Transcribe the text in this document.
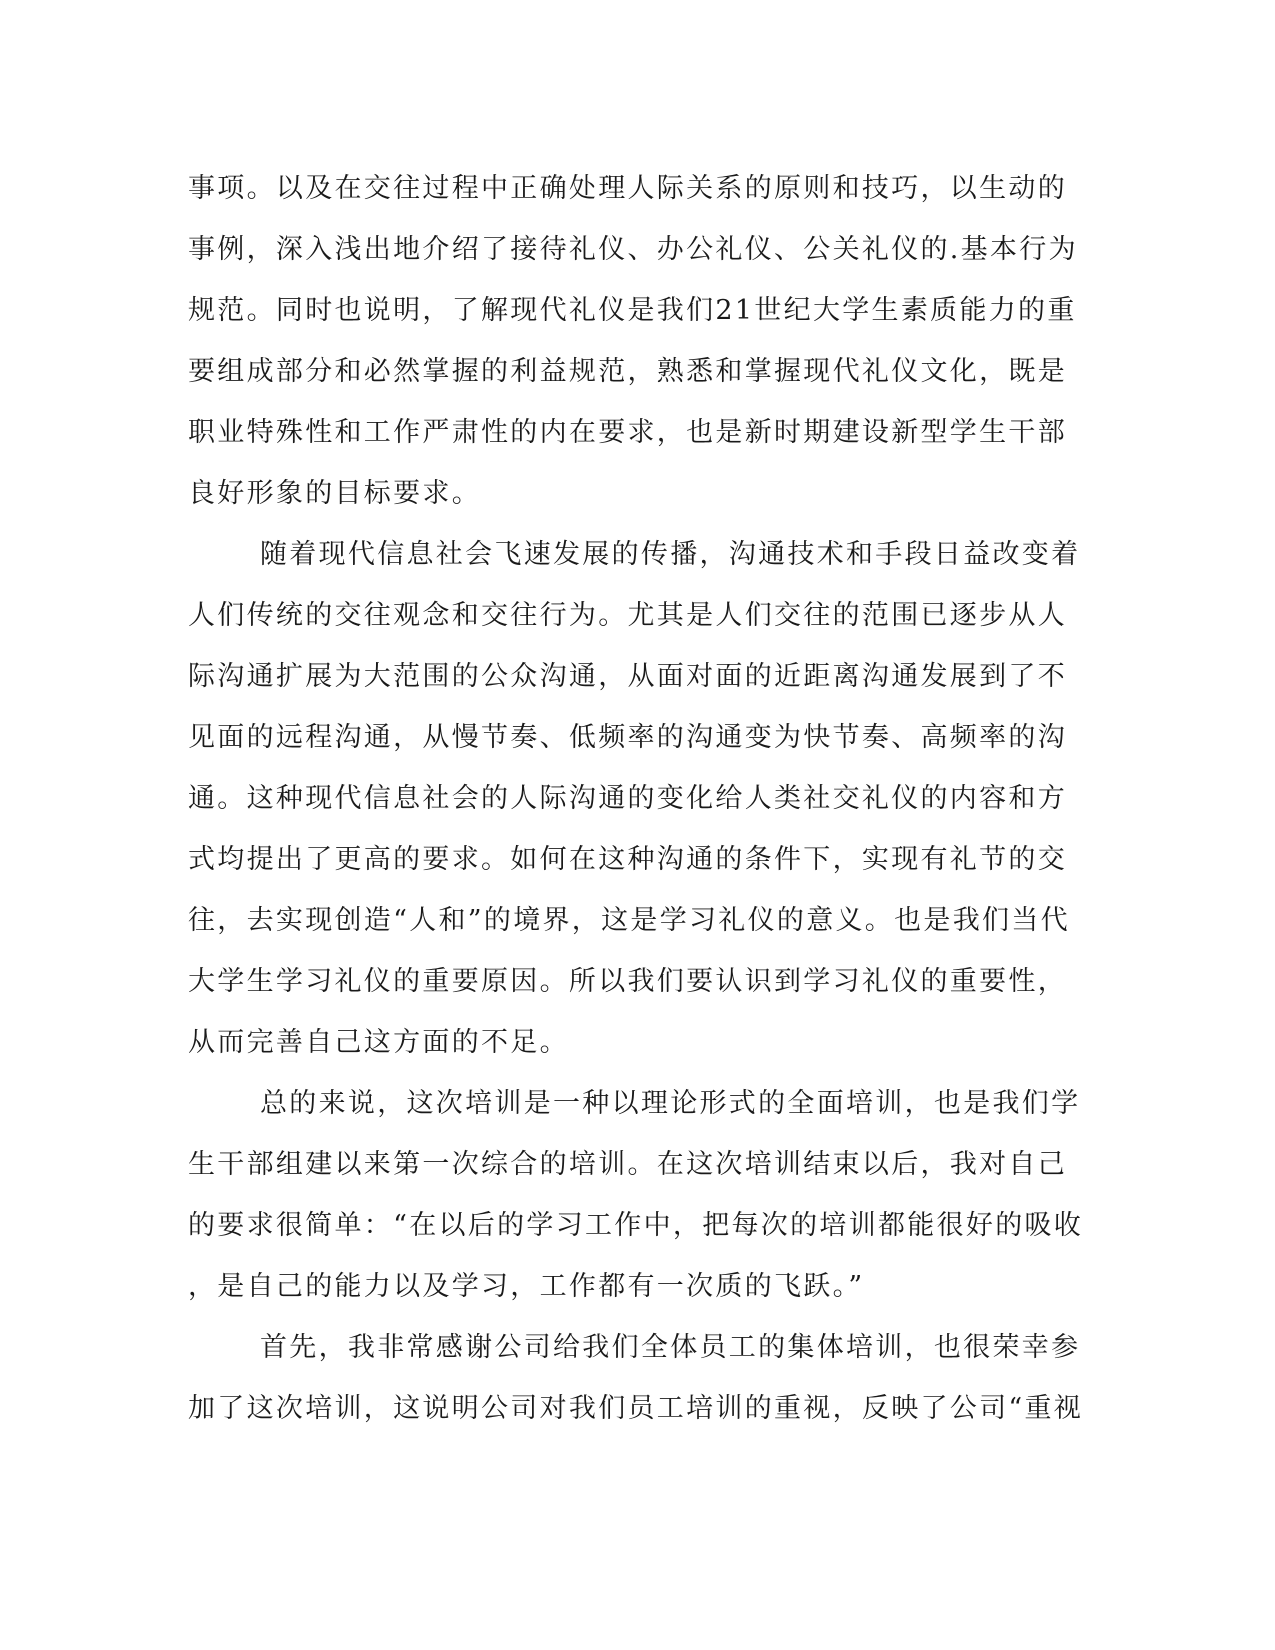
事项。以及在交往过程中正确处理人际关系的原则和技巧，以生动的
事例，深入浅出地介绍了接待礼仪、办公礼仪、公关礼仪的.基本行为
规范。同时也说明，了解现代礼仪是我们21世纪大学生素质能力的重
要组成部分和必然掌握的利益规范，熟悉和掌握现代礼仪文化，既是
职业特殊性和工作严肃性的内在要求，也是新时期建设新型学生干部
良好形象的目标要求。
随着现代信息社会飞速发展的传播，沟通技术和手段日益改变着
人们传统的交往观念和交往行为。尤其是人们交往的范围已逐步从人
际沟通扩展为大范围的公众沟通，从面对面的近距离沟通发展到了不
见面的远程沟通，从慢节奏、低频率的沟通变为快节奏、高频率的沟
通。这种现代信息社会的人际沟通的变化给人类社交礼仪的内容和方
式均提出了更高的要求。如何在这种沟通的条件下，实现有礼节的交
往，去实现创造“人和”的境界，这是学习礼仪的意义。也是我们当代
大学生学习礼仪的重要原因。所以我们要认识到学习礼仪的重要性，
从而完善自己这方面的不足。
总的来说，这次培训是一种以理论形式的全面培训，也是我们学
生干部组建以来第一次综合的培训。在这次培训结束以后，我对自己
的要求很简单：“在以后的学习工作中，把每次的培训都能很好的吸收
，是自己的能力以及学习，工作都有一次质的飞跃。”
首先，我非常感谢公司给我们全体员工的集体培训，也很荣幸参
加了这次培训，这说明公司对我们员工培训的重视，反映了公司“重视
